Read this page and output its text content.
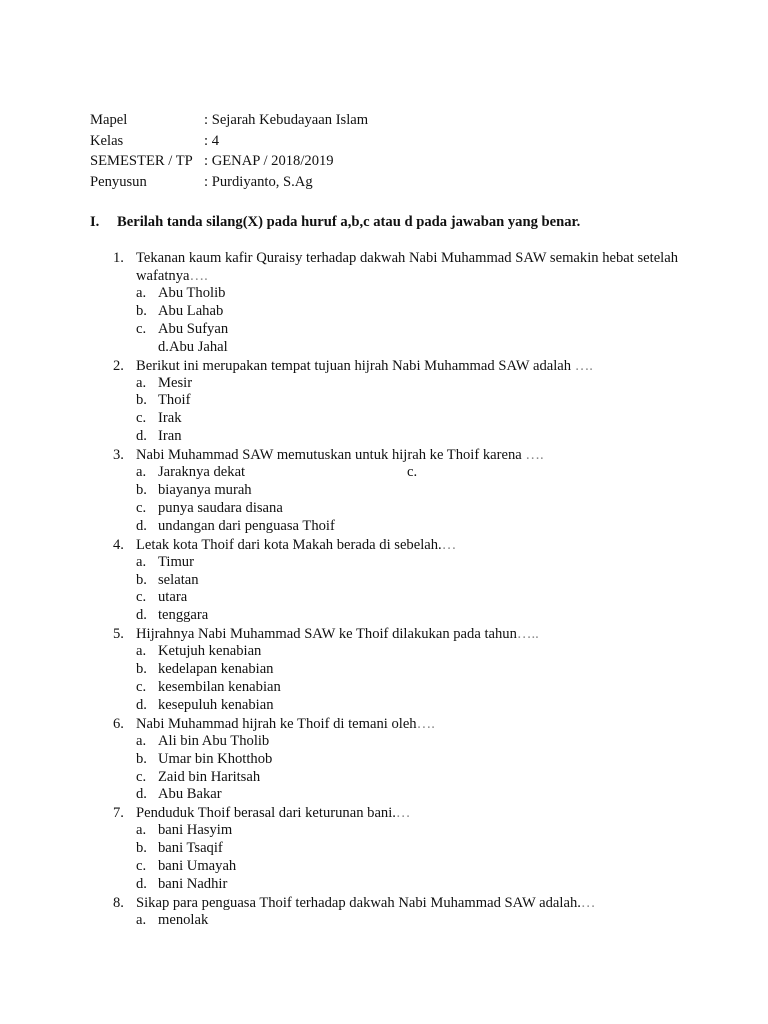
Mapel	: Sejarah Kebudayaan Islam
Kelas	: 4
SEMESTER / TP : GENAP / 2018/2019
Penyusun	: Purdiyanto, S.Ag
I. Berilah tanda silang(X) pada huruf a,b,c atau d pada jawaban yang benar.
1. Tekanan kaum kafir Quraisy terhadap dakwah Nabi Muhammad SAW semakin hebat setelah wafatnya….
a. Abu Tholib
b. Abu Lahab
c. Abu Sufyan
d.Abu Jahal
2. Berikut ini merupakan tempat tujuan hijrah Nabi Muhammad SAW adalah ….
a. Mesir
b. Thoif
c. Irak
d. Iran
3. Nabi Muhammad SAW memutuskan untuk hijrah ke Thoif karena ….
a. Jaraknya dekat
b. biayanya murah
c. punya saudara disana
d. undangan dari penguasa Thoif
4. Letak kota Thoif dari kota Makah berada di sebelah.…
a. Timur
b. selatan
c. utara
d. tenggara
5. Hijrahnya Nabi Muhammad SAW ke Thoif dilakukan pada tahun…..
a. Ketujuh kenabian
b. kedelapan kenabian
c. kesembilan kenabian
d. kesepuluh kenabian
6. Nabi Muhammad hijrah ke Thoif di temani oleh….
a. Ali bin Abu Tholib
b. Umar bin Khotthob
c. Zaid bin Haritsah
d. Abu Bakar
7. Penduduk Thoif berasal dari keturunan bani.…
a. bani Hasyim
b. bani Tsaqif
c. bani Umayah
d. bani Nadhir
8. Sikap para penguasa Thoif terhadap dakwah Nabi Muhammad SAW adalah.…
a. menolak
c.
